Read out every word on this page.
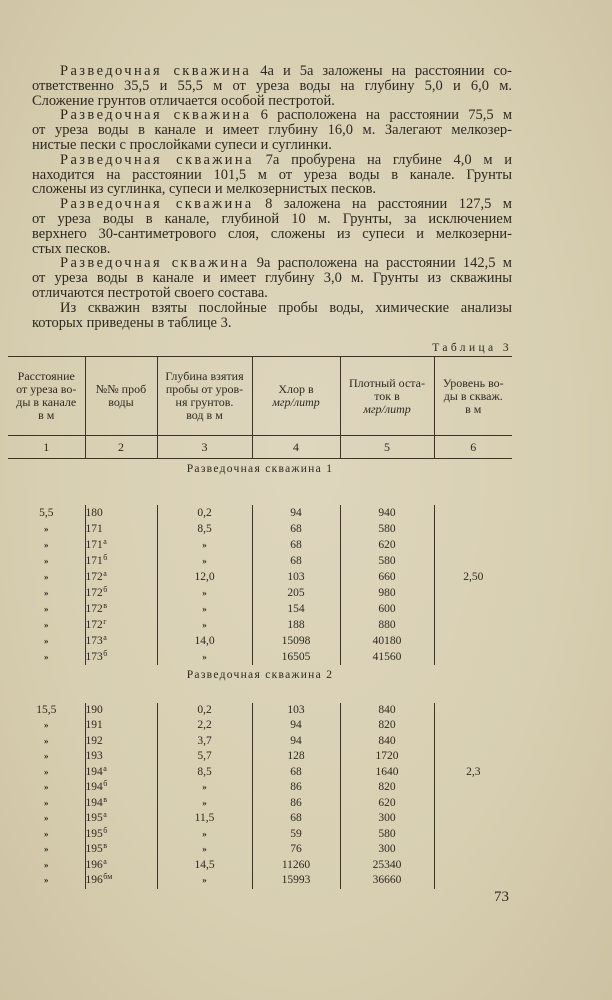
Разведочная скважина 4а и 5а заложены на расстоянии со-
ответственно 35,5 и 55,5 м от уреза воды на глубину 5,0 и 6,0 м.
Сложение грунтов отличается особой пестротой.
Разведочная скважина 6 расположена на расстоянии 75,5 м
от уреза воды в канале и имеет глубину 16,0 м. Залегают мелкозер-
нистые пески с прослойками супеси и суглинки.
Разведочная скважина 7а пробурена на глубине 4,0 м и
находится на расстоянии 101,5 м от уреза воды в канале. Грунты
сложены из суглинка, супеси и мелкозернистых песков.
Разведочная скважина 8 заложена на расстоянии 127,5 м
от уреза воды в канале, глубиной 10 м. Грунты, за исключением
верхнего 30-сантиметрового слоя, сложены из супеси и мелкозерни-
стых песков.
Разведочная скважина 9а расположена на расстоянии 142,5 м
от уреза воды в канале и имеет глубину 3,0 м. Грунты из скважины
отличаются пестротой своего состава.
Из скважин взяты послойные пробы воды, химические анализы
которых приведены в таблице 3.
Таблица 3
Расстояние
от уреза во-
ды в канале
в м	№№ проб
воды	Глубина взятия
пробы от уров-
ня грунтов.
вод в м	Хлор в
мгр/литр	Плотный оста-
ток в
мгр/литр	Уровень во-
ды в скваж.
в м

1	2	3	4	5	6
Разведочная скважина 1					
5,5	180	0,2	94	940	
»	171	8,5	68	580	
»	$171^а$	»	68	620	
»	$171^б$	»	68	580	
»	$172^а$	12,0	103	660	2,50
»	$172^б$	»	205	980	
»	$172^в$	»	154	600	
»	$172^г$	»	188	880	
»	$173^а$	14,0	15098	40180	
»	$173^б$	»	16505	41560	
Разведочная скважина 2					
15,5	190	0,2	103	840	
»	191	2,2	94	820	
»	192	3,7	94	840	
»	193	5,7	128	1720	
»	$194^а$	8,5	68	1640	2,3
»	$194^б$	»	86	820	
»	$194^в$	»	86	620	
»	$195^а$	11,5	68	300	
»	$195^б$	»	59	580	
»	$195^в$	»	76	300	
»	$196^а$	14,5	11260	25340	
»	$196^{бм}$	»	15993	36660	
73
